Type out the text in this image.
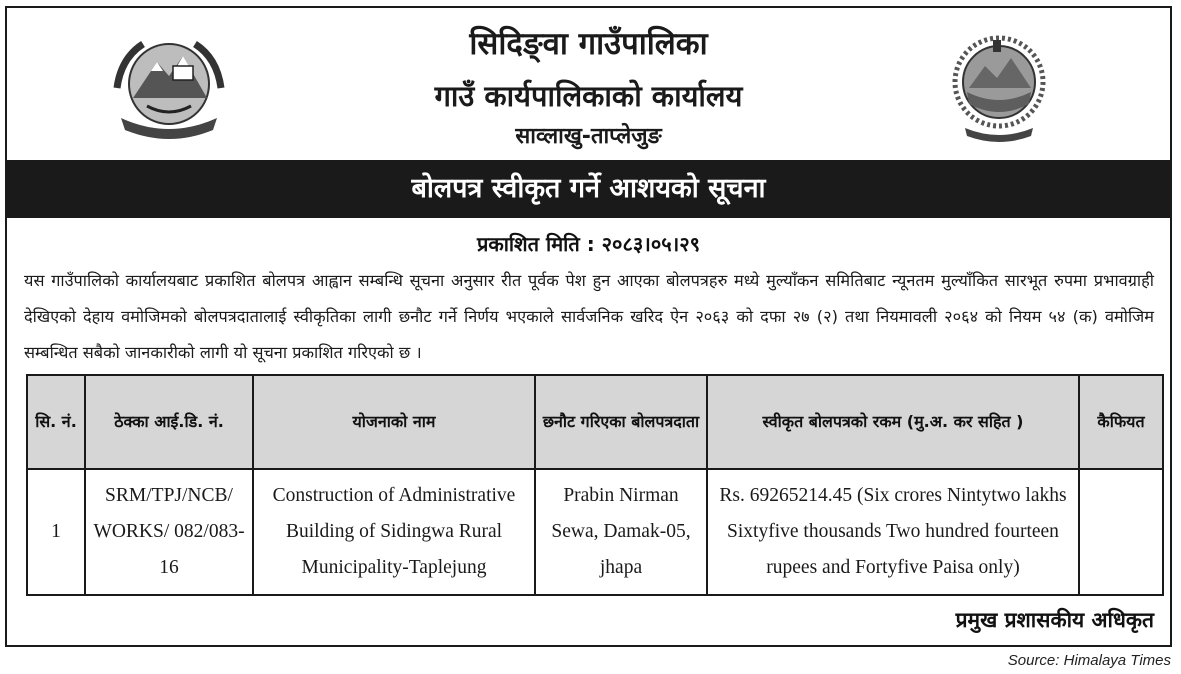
सिदिङ्वा गाउँपालिका
गाउँ कार्यपालिकाको कार्यालय
साव्लाखु-ताप्लेजुङ
बोलपत्र स्वीकृत गर्ने आशयको सूचना
प्रकाशित मिति : २०८३।०५।२९
यस गाउँपालिको कार्यालयबाट प्रकाशित बोलपत्र आह्वान सम्बन्धि सूचना अनुसार रीत पूर्वक पेश हुन आएका बोलपत्रहरु मध्ये मुल्याँकन समितिबाट न्यूनतम मुल्याँकित सारभूत रुपमा प्रभावग्राही देखिएको देहाय वमोजिमको बोलपत्रदातालाई स्वीकृतिका लागी छनौट गर्ने निर्णय भएकाले सार्वजनिक खरिद ऐन २०६३ को दफा २७ (२) तथा नियमावली २०६४ को नियम ५४ (क) वमोजिम सम्बन्धित सबैको जानकारीको लागी यो सूचना प्रकाशित गरिएको छ ।
सि. नं.	ठेक्का आई.डि. नं.	योजनाको नाम	छनौट गरिएका बोलपत्रदाता	स्वीकृत बोलपत्रको रकम (मु.अ. कर सहित )	कैफियत
1	SRM/TPJ/NCB/ WORKS/ 082/083-16	Construction of Administrative Building of Sidingwa Rural Municipality-Taplejung	Prabin Nirman Sewa, Damak-05, jhapa	Rs. 69265214.45 (Six crores Nintytwo lakhs Sixtyfive thousands Two hundred fourteen rupees and Fortyfive Paisa only)	
प्रमुख प्रशासकीय अधिकृत
Source: Himalaya Times
